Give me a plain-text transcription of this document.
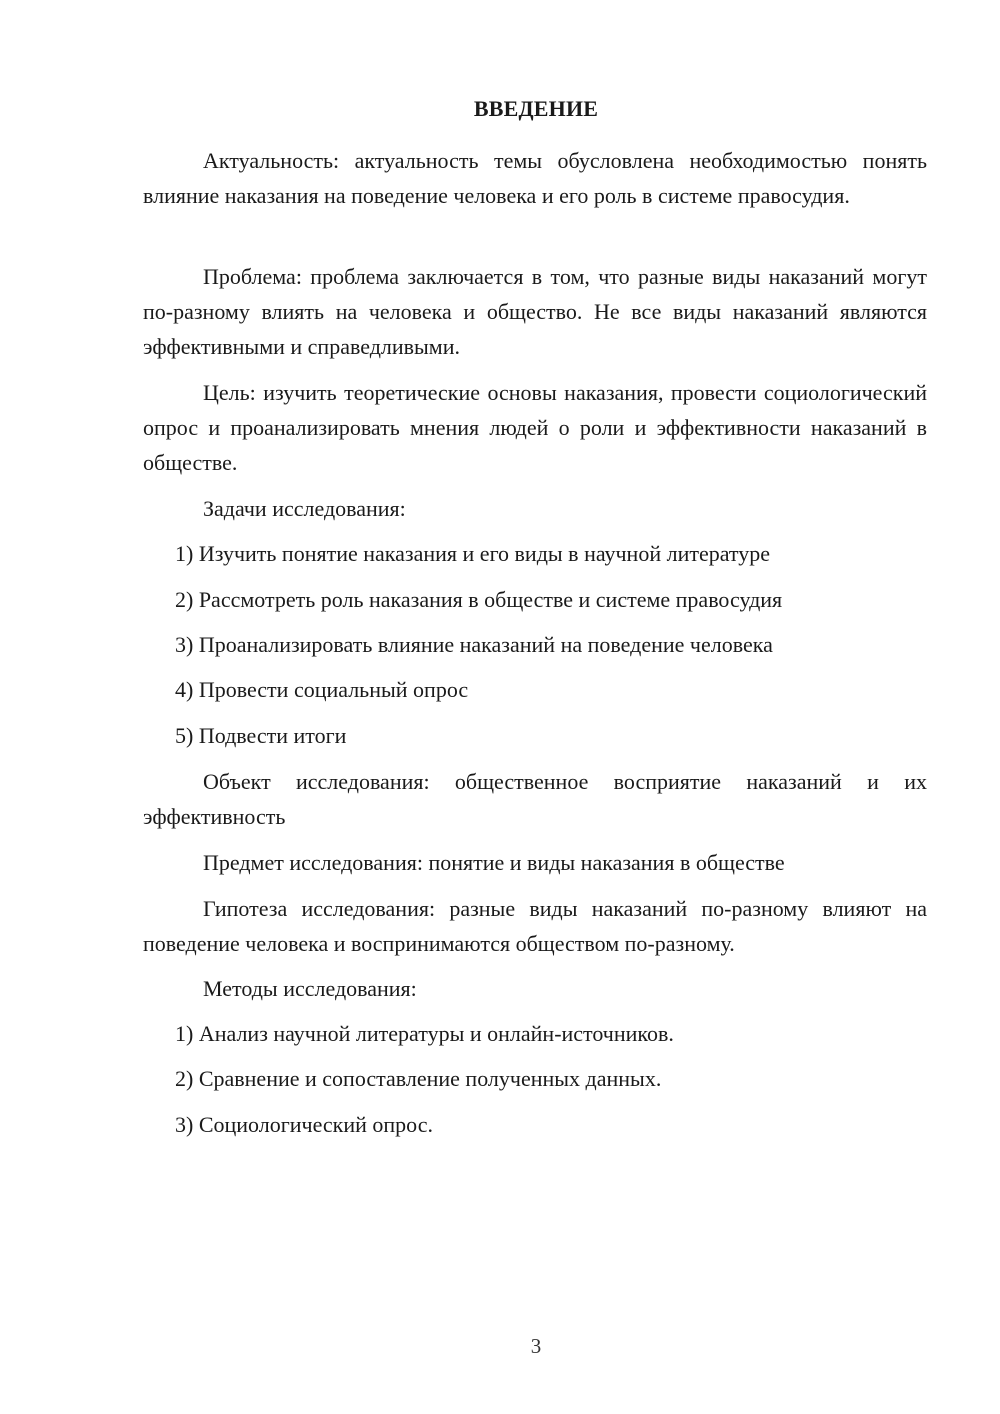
ВВЕДЕНИЕ
Актуальность: актуальность темы обусловлена необходимостью понять влияние наказания на поведение человека и его роль в системе правосудия.
Проблема: проблема заключается в том, что разные виды наказаний могут по-разному влиять на человека и общество. Не все виды наказаний являются эффективными и справедливыми.
Цель: изучить теоретические основы наказания, провести социологический опрос и проанализировать мнения людей о роли и эффективности наказаний в обществе.
Задачи исследования:
1) Изучить понятие наказания и его виды в научной литературе
2) Рассмотреть роль наказания в обществе и системе правосудия
3) Проанализировать влияние наказаний на поведение человека
4) Провести социальный опрос
5) Подвести итоги
Объект исследования: общественное восприятие наказаний и их эффективность
Предмет исследования: понятие и виды наказания в обществе
Гипотеза исследования: разные виды наказаний по-разному влияют на поведение человека и воспринимаются обществом по-разному.
Методы исследования:
1) Анализ научной литературы и онлайн-источников.
2) Сравнение и сопоставление полученных данных.
3) Социологический опрос.
3
